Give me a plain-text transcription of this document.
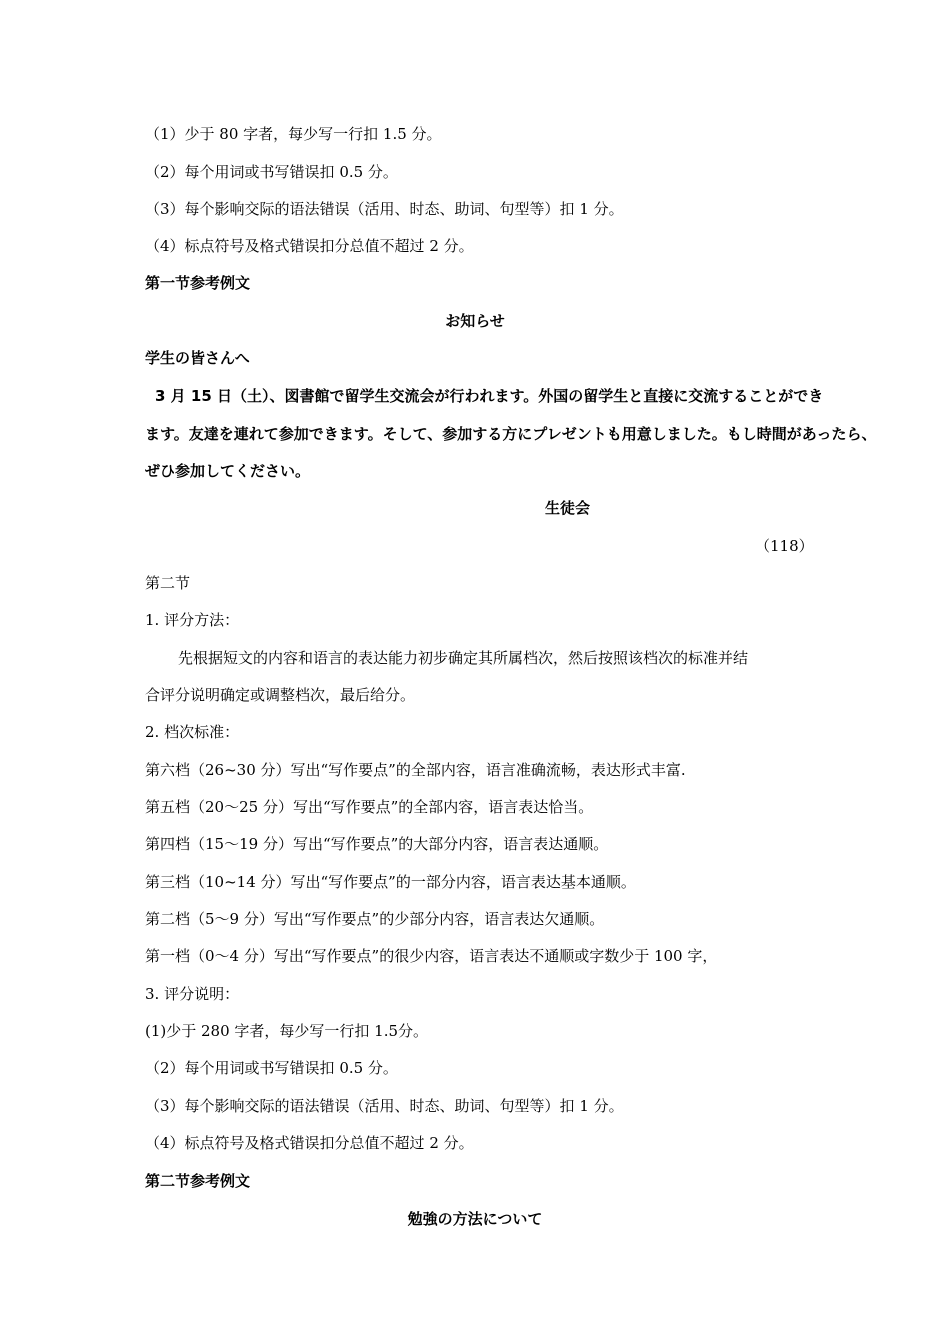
（1）少于 80 字者，每少写一行扣 1.5 分。
（2）每个用词或书写错误扣 0.5 分。
（3）每个影响交际的语法错误（活用、时态、助词、句型等）扣 1 分。
（4）标点符号及格式错误扣分总值不超过 2 分。
第一节参考例文
お知らせ
学生の皆さんへ
3 月 15 日（土）、図書館で留学生交流会が行われます。外国の留学生と直接に交流することができ
ます。友達を連れて参加できます。そして、参加する方にプレゼントも用意しました。もし時間があったら、
ぜひ参加してください。
生徒会
（118）
第二节
1. 评分方法：
先根据短文的内容和语言的表达能力初步确定其所属档次，然后按照该档次的标准并结
合评分说明确定或调整档次，最后给分。
2. 档次标准：
第六档（26~30 分）写出“写作要点”的全部内容，语言准确流畅，表达形式丰富.
第五档（20～25 分）写出“写作要点”的全部内容，语言表达恰当。
第四档（15～19 分）写出“写作要点”的大部分内容，语言表达通顺。
第三档（10~14 分）写出“写作要点”的一部分内容，语言表达基本通顺。
第二档（5～9 分）写出“写作要点”的少部分内容，语言表达欠通顺。
第一档（0～4 分）写出“写作要点”的很少内容，语言表达不通顺或字数少于 100 字，
3. 评分说明：
(1)少于 280 字者，每少写一行扣 1.5分。
（2）每个用词或书写错误扣 0.5 分。
（3）每个影响交际的语法错误（活用、时态、助词、句型等）扣 1 分。
（4）标点符号及格式错误扣分总值不超过 2 分。
第二节参考例文
勉強の方法について
